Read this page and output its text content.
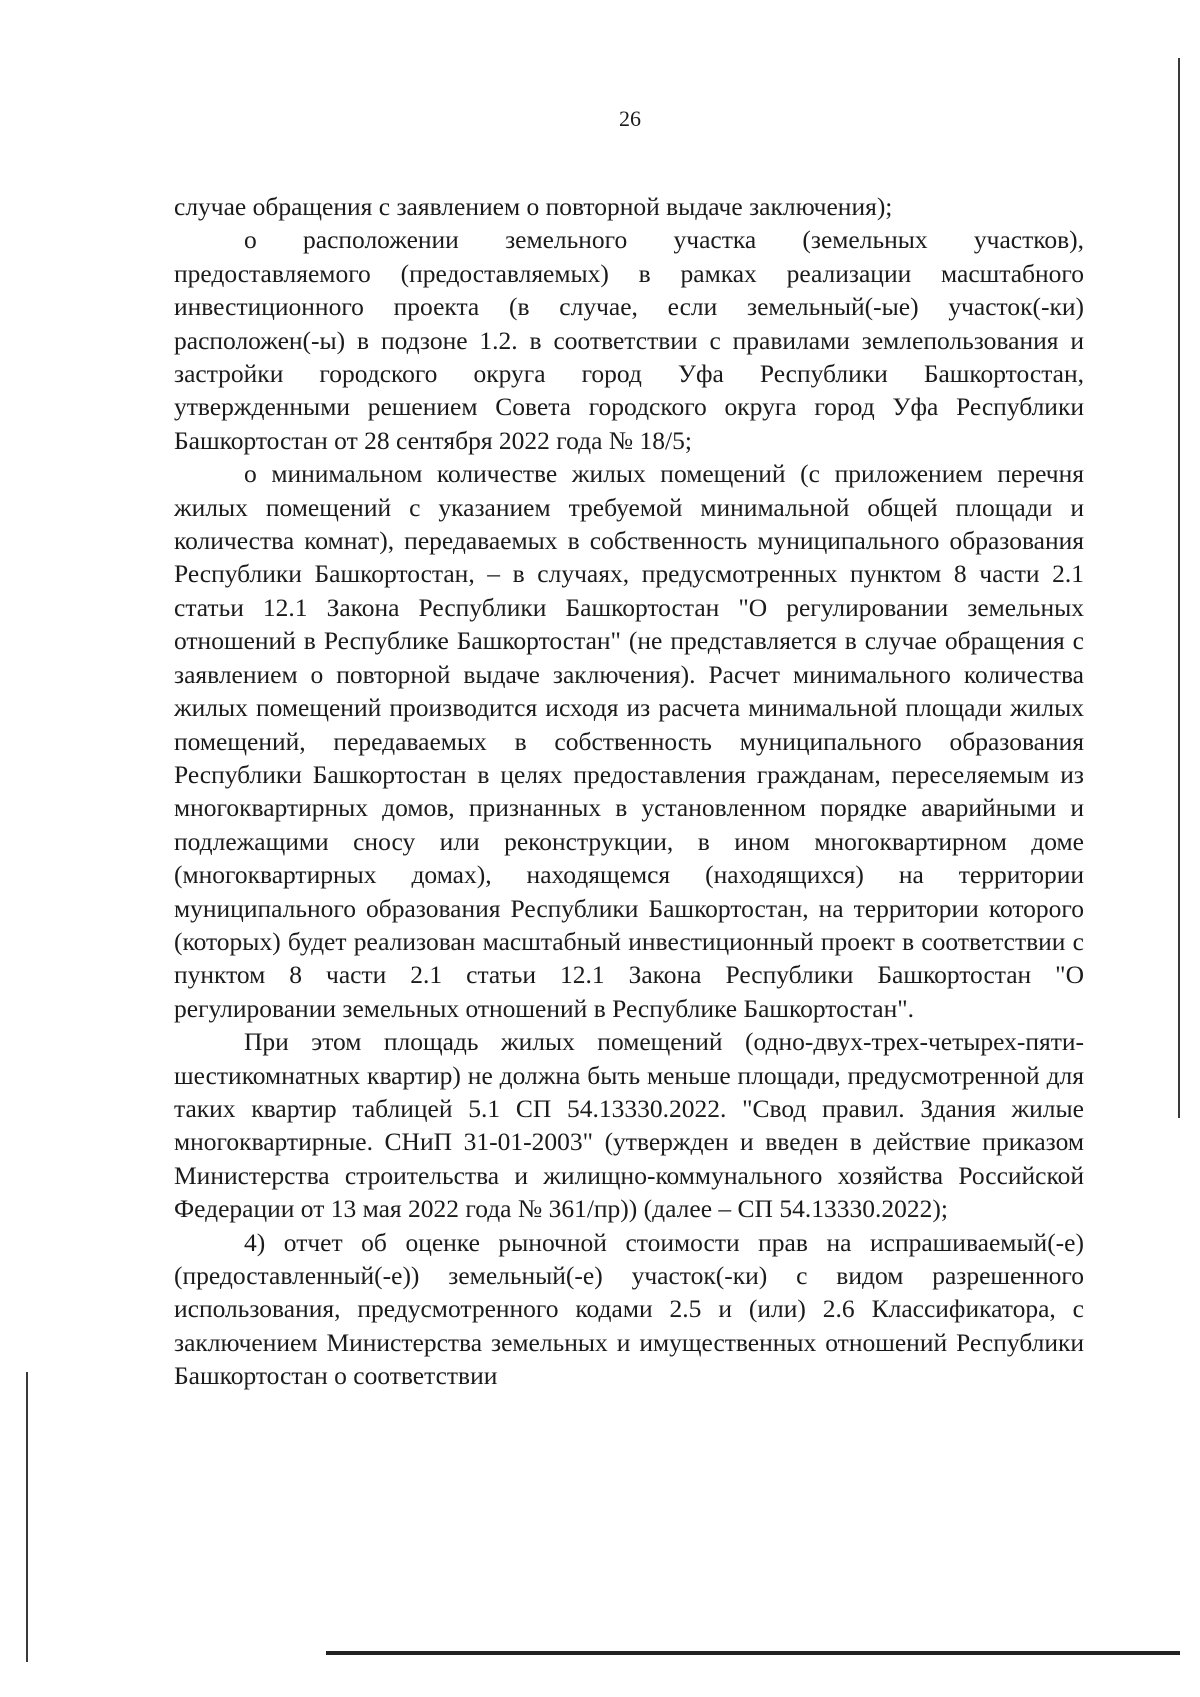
26

случае обращения с заявлением о повторной выдаче заключения);

о расположении земельного участка (земельных участков), предоставляемого (предоставляемых) в рамках реализации масштабного инвестиционного проекта (в случае, если земельный(-ые) участок(-ки) расположен(-ы) в подзоне 1.2. в соответствии с правилами землепользования и застройки городского округа город Уфа Республики Башкортостан, утвержденными решением Совета городского округа город Уфа Республики Башкортостан от 28 сентября 2022 года № 18/5;

о минимальном количестве жилых помещений (с приложением перечня жилых помещений с указанием требуемой минимальной общей площади и количества комнат), передаваемых в собственность муниципального образования Республики Башкортостан, – в случаях, предусмотренных пунктом 8 части 2.1 статьи 12.1 Закона Республики Башкортостан "О регулировании земельных отношений в Республике Башкортостан" (не представляется в случае обращения с заявлением о повторной выдаче заключения). Расчет минимального количества жилых помещений производится исходя из расчета минимальной площади жилых помещений, передаваемых в собственность муниципального образования Республики Башкортостан в целях предоставления гражданам, переселяемым из многоквартирных домов, признанных в установленном порядке аварийными и подлежащими сносу или реконструкции, в ином многоквартирном доме (многоквартирных домах), находящемся (находящихся) на территории муниципального образования Республики Башкортостан, на территории которого (которых) будет реализован масштабный инвестиционный проект в соответствии с пунктом 8 части 2.1 статьи 12.1 Закона Республики Башкортостан "О регулировании земельных отношений в Республике Башкортостан".

При этом площадь жилых помещений (одно-двух-трех-четырех-пяти-шестикомнатных квартир) не должна быть меньше площади, предусмотренной для таких квартир таблицей 5.1 СП 54.13330.2022. "Свод правил. Здания жилые многоквартирные. СНиП 31-01-2003" (утвержден и введен в действие приказом Министерства строительства и жилищно-коммунального хозяйства Российской Федерации от 13 мая 2022 года № 361/пр)) (далее – СП 54.13330.2022);

4) отчет об оценке рыночной стоимости прав на испрашиваемый(-е) (предоставленный(-е)) земельный(-е) участок(-ки) с видом разрешенного использования, предусмотренного кодами 2.5 и (или) 2.6 Классификатора, с заключением Министерства земельных и имущественных отношений Республики Башкортостан о соответствии
